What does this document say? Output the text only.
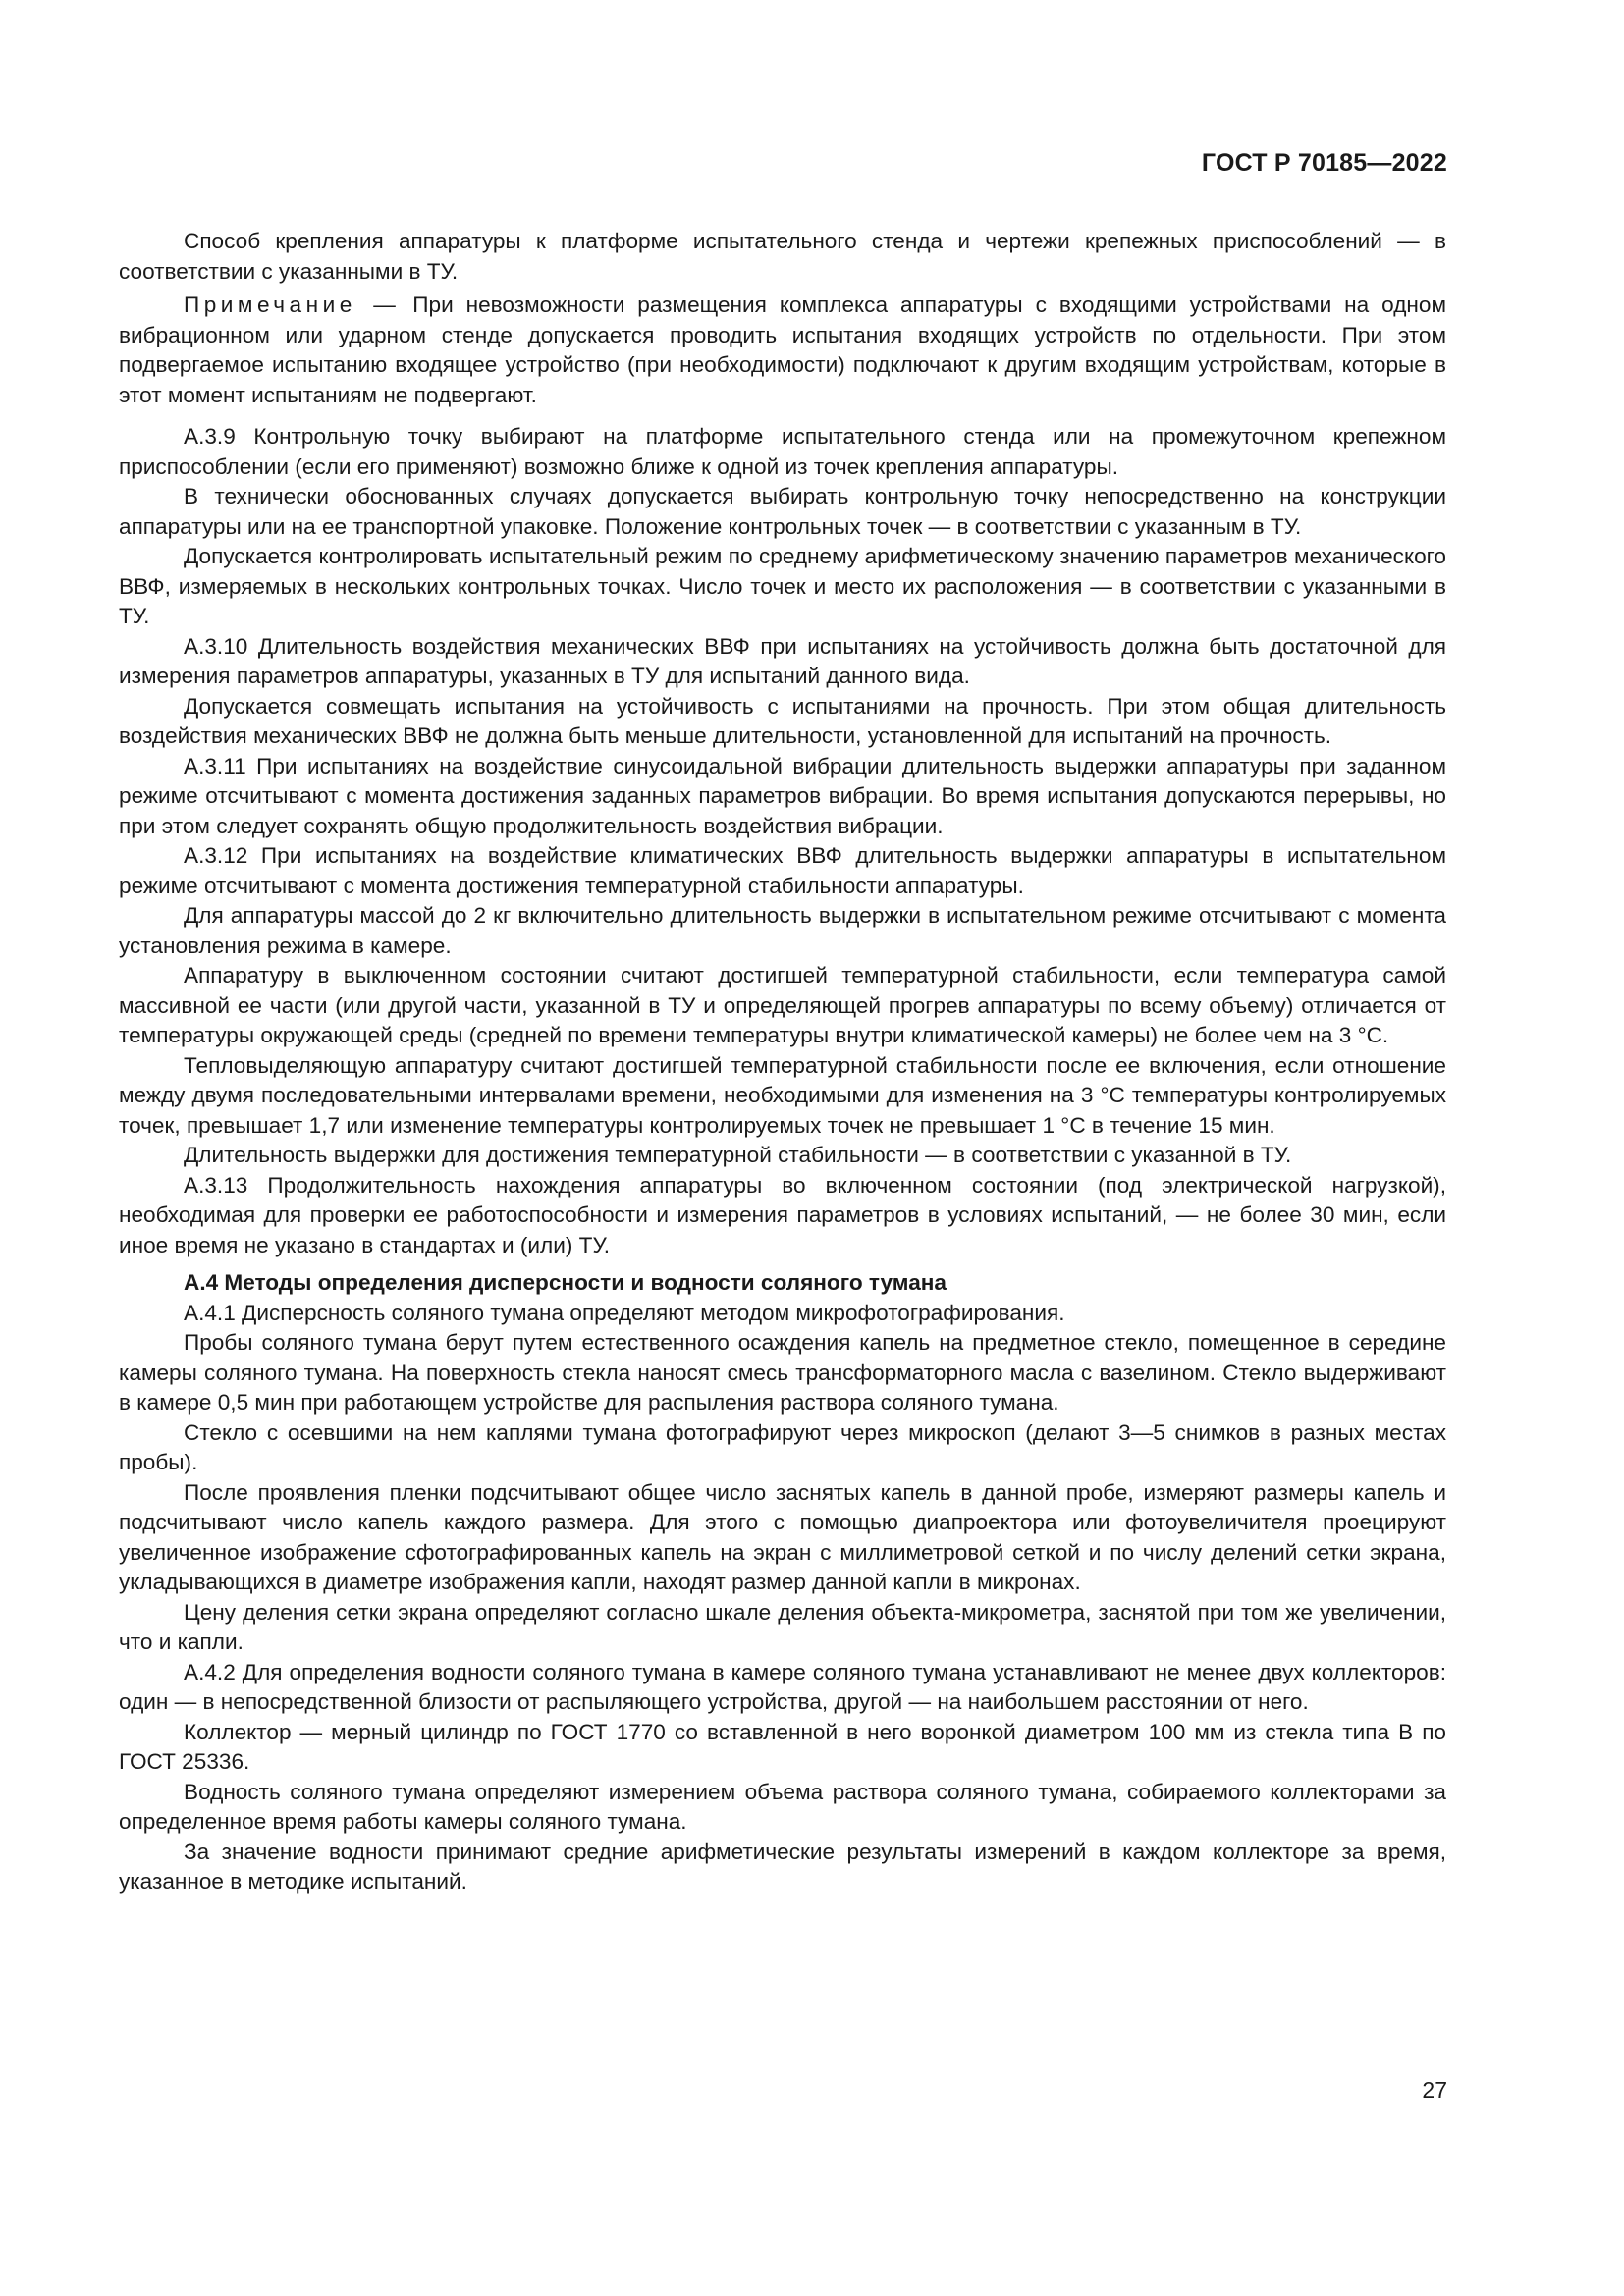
ГОСТ Р 70185—2022

Способ крепления аппаратуры к платформе испытательного стенда и чертежи крепежных приспособлений — в соответствии с указанными в ТУ.

Примечание — При невозможности размещения комплекса аппаратуры с входящими устройствами на одном вибрационном или ударном стенде допускается проводить испытания входящих устройств по отдельности. При этом подвергаемое испытанию входящее устройство (при необходимости) подключают к другим входящим устройствам, которые в этот момент испытаниям не подвергают.

А.3.9 Контрольную точку выбирают на платформе испытательного стенда или на промежуточном крепежном приспособлении (если его применяют) возможно ближе к одной из точек крепления аппаратуры.

В технически обоснованных случаях допускается выбирать контрольную точку непосредственно на конструкции аппаратуры или на ее транспортной упаковке. Положение контрольных точек — в соответствии с указанным в ТУ.

Допускается контролировать испытательный режим по среднему арифметическому значению параметров механического ВВФ, измеряемых в нескольких контрольных точках. Число точек и место их расположения — в соответствии с указанными в ТУ.

А.3.10 Длительность воздействия механических ВВФ при испытаниях на устойчивость должна быть достаточной для измерения параметров аппаратуры, указанных в ТУ для испытаний данного вида.

Допускается совмещать испытания на устойчивость с испытаниями на прочность. При этом общая длительность воздействия механических ВВФ не должна быть меньше длительности, установленной для испытаний на прочность.

А.3.11 При испытаниях на воздействие синусоидальной вибрации длительность выдержки аппаратуры при заданном режиме отсчитывают с момента достижения заданных параметров вибрации. Во время испытания допускаются перерывы, но при этом следует сохранять общую продолжительность воздействия вибрации.

А.3.12 При испытаниях на воздействие климатических ВВФ длительность выдержки аппаратуры в испытательном режиме отсчитывают с момента достижения температурной стабильности аппаратуры.

Для аппаратуры массой до 2 кг включительно длительность выдержки в испытательном режиме отсчитывают с момента установления режима в камере.

Аппаратуру в выключенном состоянии считают достигшей температурной стабильности, если температура самой массивной ее части (или другой части, указанной в ТУ и определяющей прогрев аппаратуры по всему объему) отличается от температуры окружающей среды (средней по времени температуры внутри климатической камеры) не более чем на 3 °С.

Тепловыделяющую аппаратуру считают достигшей температурной стабильности после ее включения, если отношение между двумя последовательными интервалами времени, необходимыми для изменения на 3 °С температуры контролируемых точек, превышает 1,7 или изменение температуры контролируемых точек не превышает 1 °С в течение 15 мин.

Длительность выдержки для достижения температурной стабильности — в соответствии с указанной в ТУ.

А.3.13 Продолжительность нахождения аппаратуры во включенном состоянии (под электрической нагрузкой), необходимая для проверки ее работоспособности и измерения параметров в условиях испытаний, — не более 30 мин, если иное время не указано в стандартах и (или) ТУ.

А.4 Методы определения дисперсности и водности соляного тумана

А.4.1 Дисперсность соляного тумана определяют методом микрофотографирования.

Пробы соляного тумана берут путем естественного осаждения капель на предметное стекло, помещенное в середине камеры соляного тумана. На поверхность стекла наносят смесь трансформаторного масла с вазелином. Стекло выдерживают в камере 0,5 мин при работающем устройстве для распыления раствора соляного тумана.

Стекло с осевшими на нем каплями тумана фотографируют через микроскоп (делают 3—5 снимков в разных местах пробы).

После проявления пленки подсчитывают общее число заснятых капель в данной пробе, измеряют размеры капель и подсчитывают число капель каждого размера. Для этого с помощью диапроектора или фотоувеличителя проецируют увеличенное изображение сфотографированных капель на экран с миллиметровой сеткой и по числу делений сетки экрана, укладывающихся в диаметре изображения капли, находят размер данной капли в микронах.

Цену деления сетки экрана определяют согласно шкале деления объекта-микрометра, заснятой при том же увеличении, что и капли.

А.4.2 Для определения водности соляного тумана в камере соляного тумана устанавливают не менее двух коллекторов: один — в непосредственной близости от распыляющего устройства, другой — на наибольшем расстоянии от него.

Коллектор — мерный цилиндр по ГОСТ 1770 со вставленной в него воронкой диаметром 100 мм из стекла типа В по ГОСТ 25336.

Водность соляного тумана определяют измерением объема раствора соляного тумана, собираемого коллекторами за определенное время работы камеры соляного тумана.

За значение водности принимают средние арифметические результаты измерений в каждом коллекторе за время, указанное в методике испытаний.

27
